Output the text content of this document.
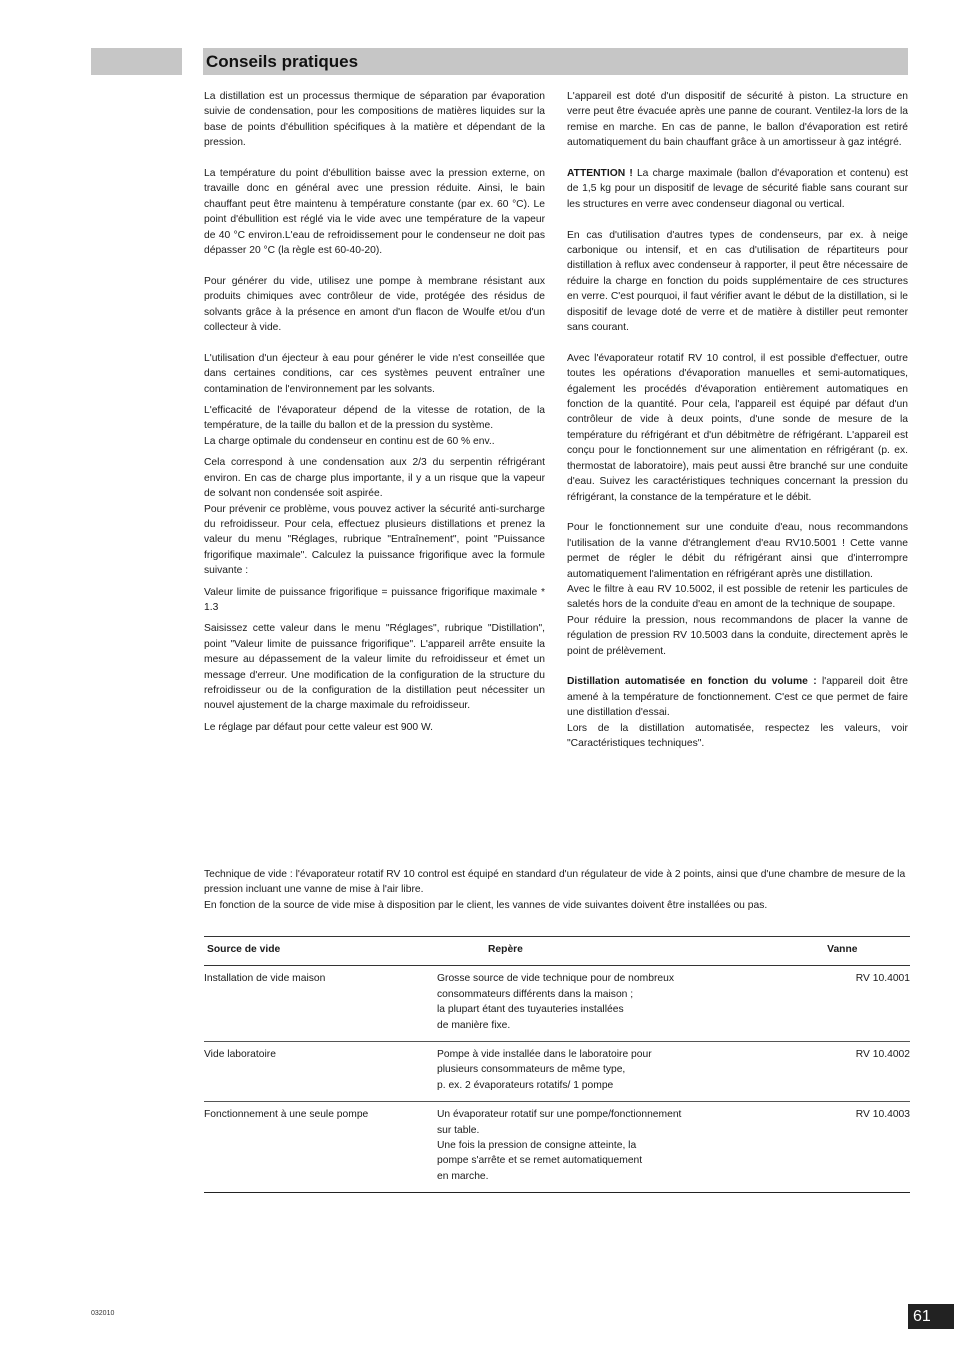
Conseils pratiques

La distillation est un processus thermique de séparation par évaporation suivie de condensation, pour les compositions de matières liquides sur la base de points d'ébullition spécifiques à la matière et dépendant de la pression.

La température du point d'ébullition baisse avec la pression externe, on travaille donc en général avec une pression réduite. Ainsi, le bain chauffant peut être maintenu à température constante (par ex. 60 °C). Le point d'ébullition est réglé via le vide avec une température de la vapeur de 40 °C environ.L'eau de refroidissement pour le condenseur ne doit pas dépasser 20 °C (la règle est 60-40-20).

Pour générer du vide, utilisez une pompe à membrane résistant aux produits chimiques avec contrôleur de vide, protégée des résidus de solvants grâce à la présence en amont d'un flacon de Woulfe et/ou d'un collecteur à vide.

L'utilisation d'un éjecteur à eau pour générer le vide n'est conseillée que dans certaines conditions, car ces systèmes peuvent entraîner une contamination de l'environnement par les solvants.

L'efficacité de l'évaporateur dépend de la vitesse de rotation, de la température, de la taille du ballon et de la pression du système.

La charge optimale du condenseur en continu est de 60 % env..

Cela correspond à une condensation aux 2/3 du serpentin réfrigérant environ. En cas de charge plus importante, il y a un risque que la vapeur de solvant non condensée soit aspirée.

Pour prévenir ce problème, vous pouvez activer la sécurité anti-surcharge du refroidisseur. Pour cela, effectuez plusieurs distillations et prenez la valeur du menu "Réglages, rubrique "Entraînement", point "Puissance frigorifique maximale". Calculez la puissance frigorifique avec la formule suivante :

Valeur limite de puissance frigorifique = puissance frigorifique maximale * 1.3

Saisissez cette valeur dans le menu "Réglages", rubrique "Distillation", point "Valeur limite de puissance frigorifique". L'appareil arrête ensuite la mesure au dépassement de la valeur limite du refroidisseur et émet un message d'erreur. Une modification de la configuration de la structure du refroidisseur ou de la configuration de la distillation peut nécessiter un nouvel ajustement de la charge maximale du refroidisseur.

Le réglage par défaut pour cette valeur est 900 W.

L'appareil est doté d'un dispositif de sécurité à piston. La structure en verre peut être évacuée après une panne de courant. Ventilez-la lors de la remise en marche. En cas de panne, le ballon d'évaporation est retiré automatiquement du bain chauffant grâce à un amortisseur à gaz intégré.

ATTENTION ! La charge maximale (ballon d'évaporation et contenu) est de 1,5 kg pour un dispositif de levage de sécurité fiable sans courant sur les structures en verre avec condenseur diagonal ou vertical.

En cas d'utilisation d'autres types de condenseurs, par ex. à neige carbonique ou intensif, et en cas d'utilisation de répartiteurs pour distillation à reflux avec condenseur à rapporter, il peut être nécessaire de réduire la charge en fonction du poids supplémentaire de ces structures en verre. C'est pourquoi, il faut vérifier avant le début de la distillation, si le dispositif de levage doté de verre et de matière à distiller peut remonter sans courant.

Avec l'évaporateur rotatif RV 10 control, il est possible d'effectuer, outre toutes les opérations d'évaporation manuelles et semi-automatiques, également les procédés d'évaporation entièrement automatiques en fonction de la quantité. Pour cela, l'appareil est équipé par défaut d'un contrôleur de vide à deux points, d'une sonde de mesure de la température du réfrigérant et d'un débitmètre de réfrigérant. L'appareil est conçu pour le fonctionnement sur une alimentation en réfrigérant (p. ex. thermostat de laboratoire), mais peut aussi être branché sur une conduite d'eau. Suivez les caractéristiques techniques concernant la pression du réfrigérant, la constance de la température et le débit.

Pour le fonctionnement sur une conduite d'eau, nous recommandons l'utilisation de la vanne d'étranglement d'eau RV10.5001 ! Cette vanne permet de régler le débit du réfrigérant ainsi que d'interrompre automatiquement l'alimentation en réfrigérant après une distillation.

Avec le filtre à eau RV 10.5002, il est possible de retenir les particules de saletés hors de la conduite d'eau en amont de la technique de soupape.

Pour réduire la pression, nous recommandons de placer la vanne de régulation de pression RV 10.5003 dans la conduite, directement après le point de prélèvement.

Distillation automatisée en fonction du volume : l'appareil doit être amené à la température de fonctionnement. C'est ce que permet de faire une distillation d'essai.

Lors de la distillation automatisée, respectez les valeurs, voir "Caractéristiques techniques".

Technique de vide : l'évaporateur rotatif RV 10 control est équipé en standard d'un régulateur de vide à 2 points, ainsi que d'une chambre de mesure de la pression incluant une vanne de mise à l'air libre.

En fonction de la source de vide mise à disposition par le client, les vannes de vide suivantes doivent être installées ou pas.

Source de vide	Repère	Vanne
Installation de vide maison	Grosse source de vide technique pour de nombreux
consommateurs différents dans la maison ;
la plupart étant des tuyauteries installées
de manière fixe.	RV 10.4001
Vide laboratoire	Pompe à vide installée dans le laboratoire pour
plusieurs consommateurs de même type,
p. ex. 2 évaporateurs rotatifs/ 1 pompe	RV 10.4002
Fonctionnement à une seule pompe	Un évaporateur rotatif sur une pompe/fonctionnement
sur table.
Une fois la pression de consigne atteinte, la
pompe s'arrête et se remet automatiquement
en marche.	RV 10.4003
032010	61
